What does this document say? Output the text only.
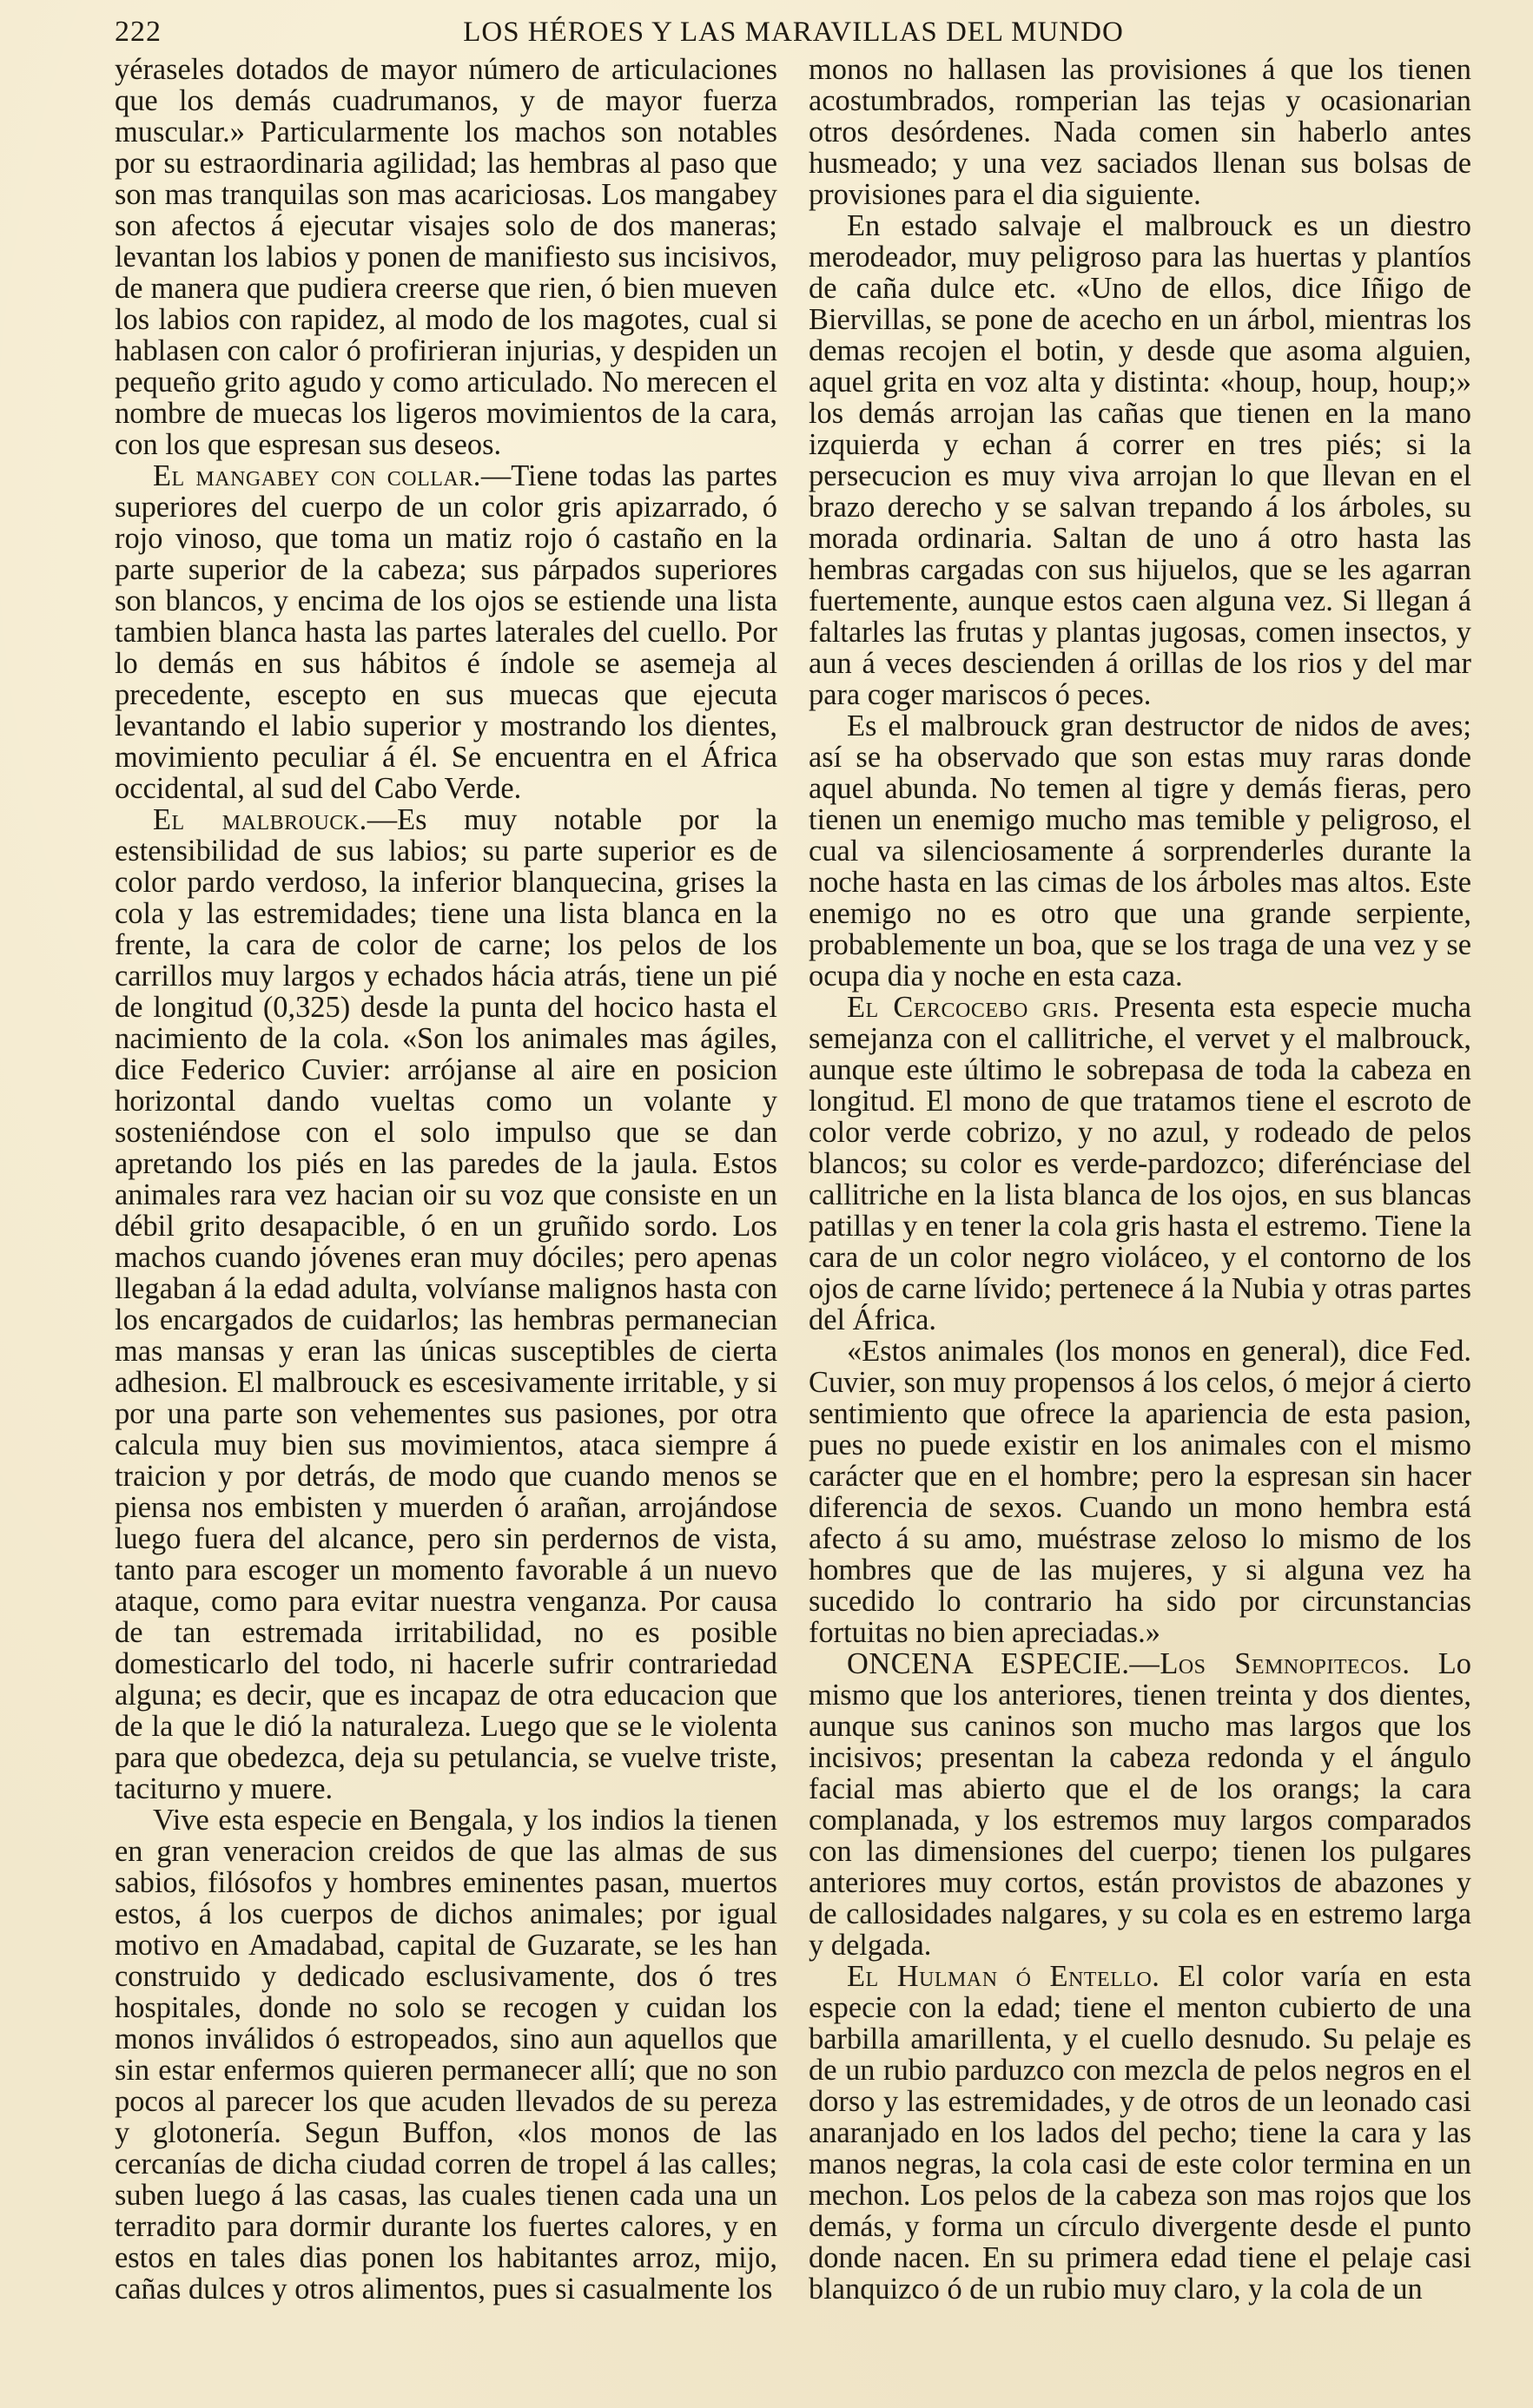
222	LOS HÉROES Y LAS MARAVILLAS DEL MUNDO

yéraseles dotados de mayor número de articulaciones que los demás cuadrumanos, y de mayor fuerza muscular.» Particularmente los machos son notables por su estraordinaria agilidad; las hembras al paso que son mas tranquilas son mas acariciosas. Los mangabey son afectos á ejecutar visajes solo de dos maneras; levantan los labios y ponen de manifiesto sus incisivos, de manera que pudiera creerse que rien, ó bien mueven los labios con rapidez, al modo de los magotes, cual si hablasen con calor ó profirieran injurias, y despiden un pequeño grito agudo y como articulado. No merecen el nombre de muecas los ligeros movimientos de la cara, con los que espresan sus deseos.

El mangabey con collar.—Tiene todas las partes superiores del cuerpo de un color gris apizarrado, ó rojo vinoso, que toma un matiz rojo ó castaño en la parte superior de la cabeza; sus párpados superiores son blancos, y encima de los ojos se estiende una lista tambien blanca hasta las partes laterales del cuello. Por lo demás en sus hábitos é índole se asemeja al precedente, escepto en sus muecas que ejecuta levantando el labio superior y mostrando los dientes, movimiento peculiar á él. Se encuentra en el África occidental, al sud del Cabo Verde.

El malbrouck.—Es muy notable por la estensibilidad de sus labios; su parte superior es de color pardo verdoso, la inferior blanquecina, grises la cola y las estremidades; tiene una lista blanca en la frente, la cara de color de carne; los pelos de los carrillos muy largos y echados hácia atrás, tiene un pié de longitud (0,325) desde la punta del hocico hasta el nacimiento de la cola. «Son los animales mas ágiles, dice Federico Cuvier: arrójanse al aire en posicion horizontal dando vueltas como un volante y sosteniéndose con el solo impulso que se dan apretando los piés en las paredes de la jaula. Estos animales rara vez hacian oir su voz que consiste en un débil grito desapacible, ó en un gruñido sordo. Los machos cuando jóvenes eran muy dóciles; pero apenas llegaban á la edad adulta, volvíanse malignos hasta con los encargados de cuidarlos; las hembras permanecian mas mansas y eran las únicas susceptibles de cierta adhesion. El malbrouck es escesivamente irritable, y si por una parte son vehementes sus pasiones, por otra calcula muy bien sus movimientos, ataca siempre á traicion y por detrás, de modo que cuando menos se piensa nos embisten y muerden ó arañan, arrojándose luego fuera del alcance, pero sin perdernos de vista, tanto para escoger un momento favorable á un nuevo ataque, como para evitar nuestra venganza. Por causa de tan estremada irritabilidad, no es posible domesticarlo del todo, ni hacerle sufrir contrariedad alguna; es decir, que es incapaz de otra educacion que de la que le dió la naturaleza. Luego que se le violenta para que obedezca, deja su petulancia, se vuelve triste, taciturno y muere.

Vive esta especie en Bengala, y los indios la tienen en gran veneracion creidos de que las almas de sus sabios, filósofos y hombres eminentes pasan, muertos estos, á los cuerpos de dichos animales; por igual motivo en Amadabad, capital de Guzarate, se les han construido y dedicado esclusivamente, dos ó tres hospitales, donde no solo se recogen y cuidan los monos inválidos ó estropeados, sino aun aquellos que sin estar enfermos quieren permanecer allí; que no son pocos al parecer los que acuden llevados de su pereza y glotonería. Segun Buffon, «los monos de las cercanías de dicha ciudad corren de tropel á las calles; suben luego á las casas, las cuales tienen cada una un terradito para dormir durante los fuertes calores, y en estos en tales dias ponen los habitantes arroz, mijo, cañas dulces y otros alimentos, pues si casualmente los

monos no hallasen las provisiones á que los tienen acostumbrados, romperian las tejas y ocasionarian otros desórdenes. Nada comen sin haberlo antes husmeado; y una vez saciados llenan sus bolsas de provisiones para el dia siguiente.

En estado salvaje el malbrouck es un diestro merodeador, muy peligroso para las huertas y plantíos de caña dulce etc. «Uno de ellos, dice Iñigo de Biervillas, se pone de acecho en un árbol, mientras los demas recojen el botin, y desde que asoma alguien, aquel grita en voz alta y distinta: «houp, houp, houp;» los demás arrojan las cañas que tienen en la mano izquierda y echan á correr en tres piés; si la persecucion es muy viva arrojan lo que llevan en el brazo derecho y se salvan trepando á los árboles, su morada ordinaria. Saltan de uno á otro hasta las hembras cargadas con sus hijuelos, que se les agarran fuertemente, aunque estos caen alguna vez. Si llegan á faltarles las frutas y plantas jugosas, comen insectos, y aun á veces descienden á orillas de los rios y del mar para coger mariscos ó peces.

Es el malbrouck gran destructor de nidos de aves; así se ha observado que son estas muy raras donde aquel abunda. No temen al tigre y demás fieras, pero tienen un enemigo mucho mas temible y peligroso, el cual va silenciosamente á sorprenderles durante la noche hasta en las cimas de los árboles mas altos. Este enemigo no es otro que una grande serpiente, probablemente un boa, que se los traga de una vez y se ocupa dia y noche en esta caza.

El Cercocebo gris. Presenta esta especie mucha semejanza con el callitriche, el vervet y el malbrouck, aunque este último le sobrepasa de toda la cabeza en longitud. El mono de que tratamos tiene el escroto de color verde cobrizo, y no azul, y rodeado de pelos blancos; su color es verde-pardozco; diferénciase del callitriche en la lista blanca de los ojos, en sus blancas patillas y en tener la cola gris hasta el estremo. Tiene la cara de un color negro violáceo, y el contorno de los ojos de carne lívido; pertenece á la Nubia y otras partes del África.

«Estos animales (los monos en general), dice Fed. Cuvier, son muy propensos á los celos, ó mejor á cierto sentimiento que ofrece la apariencia de esta pasion, pues no puede existir en los animales con el mismo carácter que en el hombre; pero la espresan sin hacer diferencia de sexos. Cuando un mono hembra está afecto á su amo, muéstrase zeloso lo mismo de los hombres que de las mujeres, y si alguna vez ha sucedido lo contrario ha sido por circunstancias fortuitas no bien apreciadas.»

ONCENA ESPECIE.—Los Semnopitecos. Lo mismo que los anteriores, tienen treinta y dos dientes, aunque sus caninos son mucho mas largos que los incisivos; presentan la cabeza redonda y el ángulo facial mas abierto que el de los orangs; la cara complanada, y los estremos muy largos comparados con las dimensiones del cuerpo; tienen los pulgares anteriores muy cortos, están provistos de abazones y de callosidades nalgares, y su cola es en estremo larga y delgada.

El Hulman ó Entello. El color varía en esta especie con la edad; tiene el menton cubierto de una barbilla amarillenta, y el cuello desnudo. Su pelaje es de un rubio parduzco con mezcla de pelos negros en el dorso y las estremidades, y de otros de un leonado casi anaranjado en los lados del pecho; tiene la cara y las manos negras, la cola casi de este color termina en un mechon. Los pelos de la cabeza son mas rojos que los demás, y forma un círculo divergente desde el punto donde nacen. En su primera edad tiene el pelaje casi blanquizco ó de un rubio muy claro, y la cola de un
